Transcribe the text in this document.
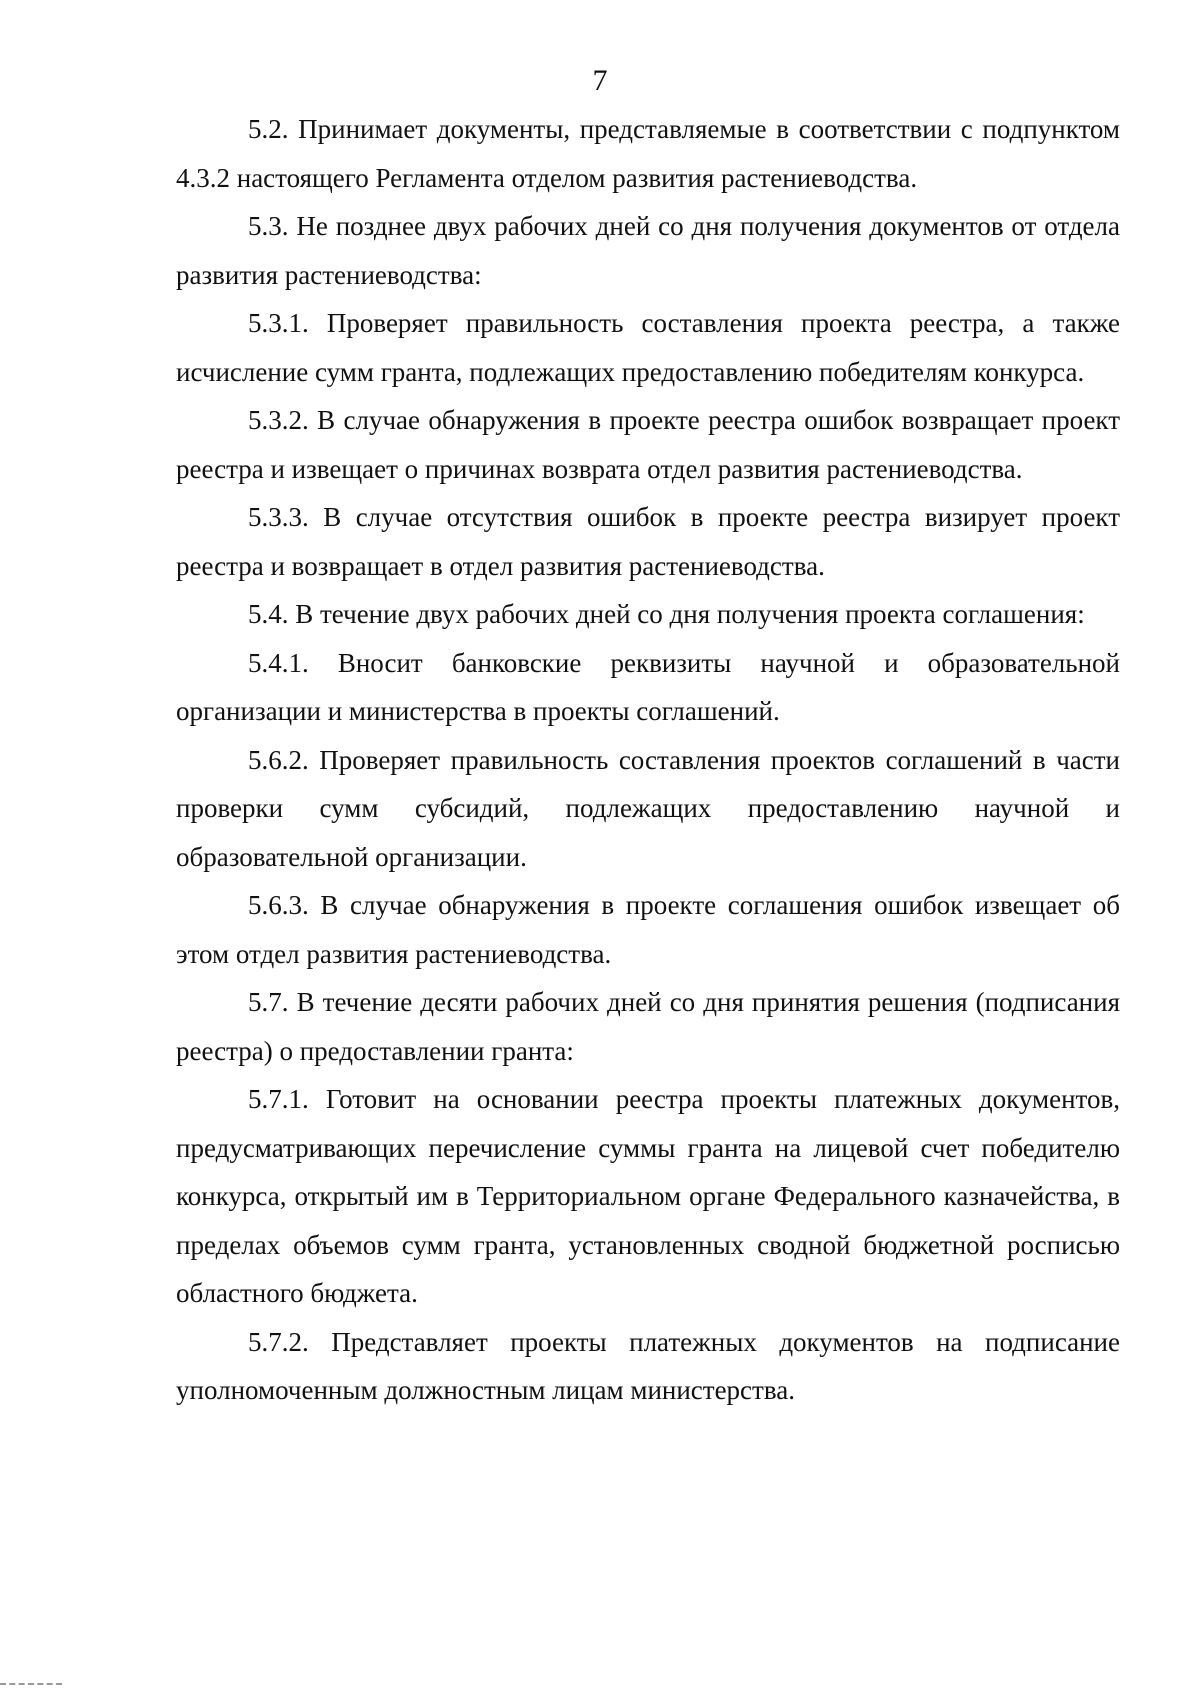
7

5.2. Принимает документы, представляемые в соответствии с подпунктом 4.3.2 настоящего Регламента отделом развития растениеводства.

5.3. Не позднее двух рабочих дней со дня получения документов от отдела развития растениеводства:

5.3.1. Проверяет правильность составления проекта реестра, а также исчисление сумм гранта, подлежащих предоставлению победителям конкурса.

5.3.2. В случае обнаружения в проекте реестра ошибок возвращает проект реестра и извещает о причинах возврата отдел развития растениеводства.

5.3.3. В случае отсутствия ошибок в проекте реестра визирует проект реестра и возвращает в отдел развития растениеводства.

5.4. В течение двух рабочих дней со дня получения проекта соглашения:

5.4.1. Вносит банковские реквизиты научной и образовательной организации и министерства в проекты соглашений.

5.6.2. Проверяет правильность составления проектов соглашений в части проверки сумм субсидий, подлежащих предоставлению научной и образовательной организации.

5.6.3. В случае обнаружения в проекте соглашения ошибок извещает об этом отдел развития растениеводства.

5.7. В течение десяти рабочих дней со дня принятия решения (подписания реестра) о предоставлении гранта:

5.7.1. Готовит на основании реестра проекты платежных документов, предусматривающих перечисление суммы гранта на лицевой счет победителю конкурса, открытый им в Территориальном органе Федерального казначейства, в пределах объемов сумм гранта, установленных сводной бюджетной росписью областного бюджета.

5.7.2. Представляет проекты платежных документов на подписание уполномоченным должностным лицам министерства.
